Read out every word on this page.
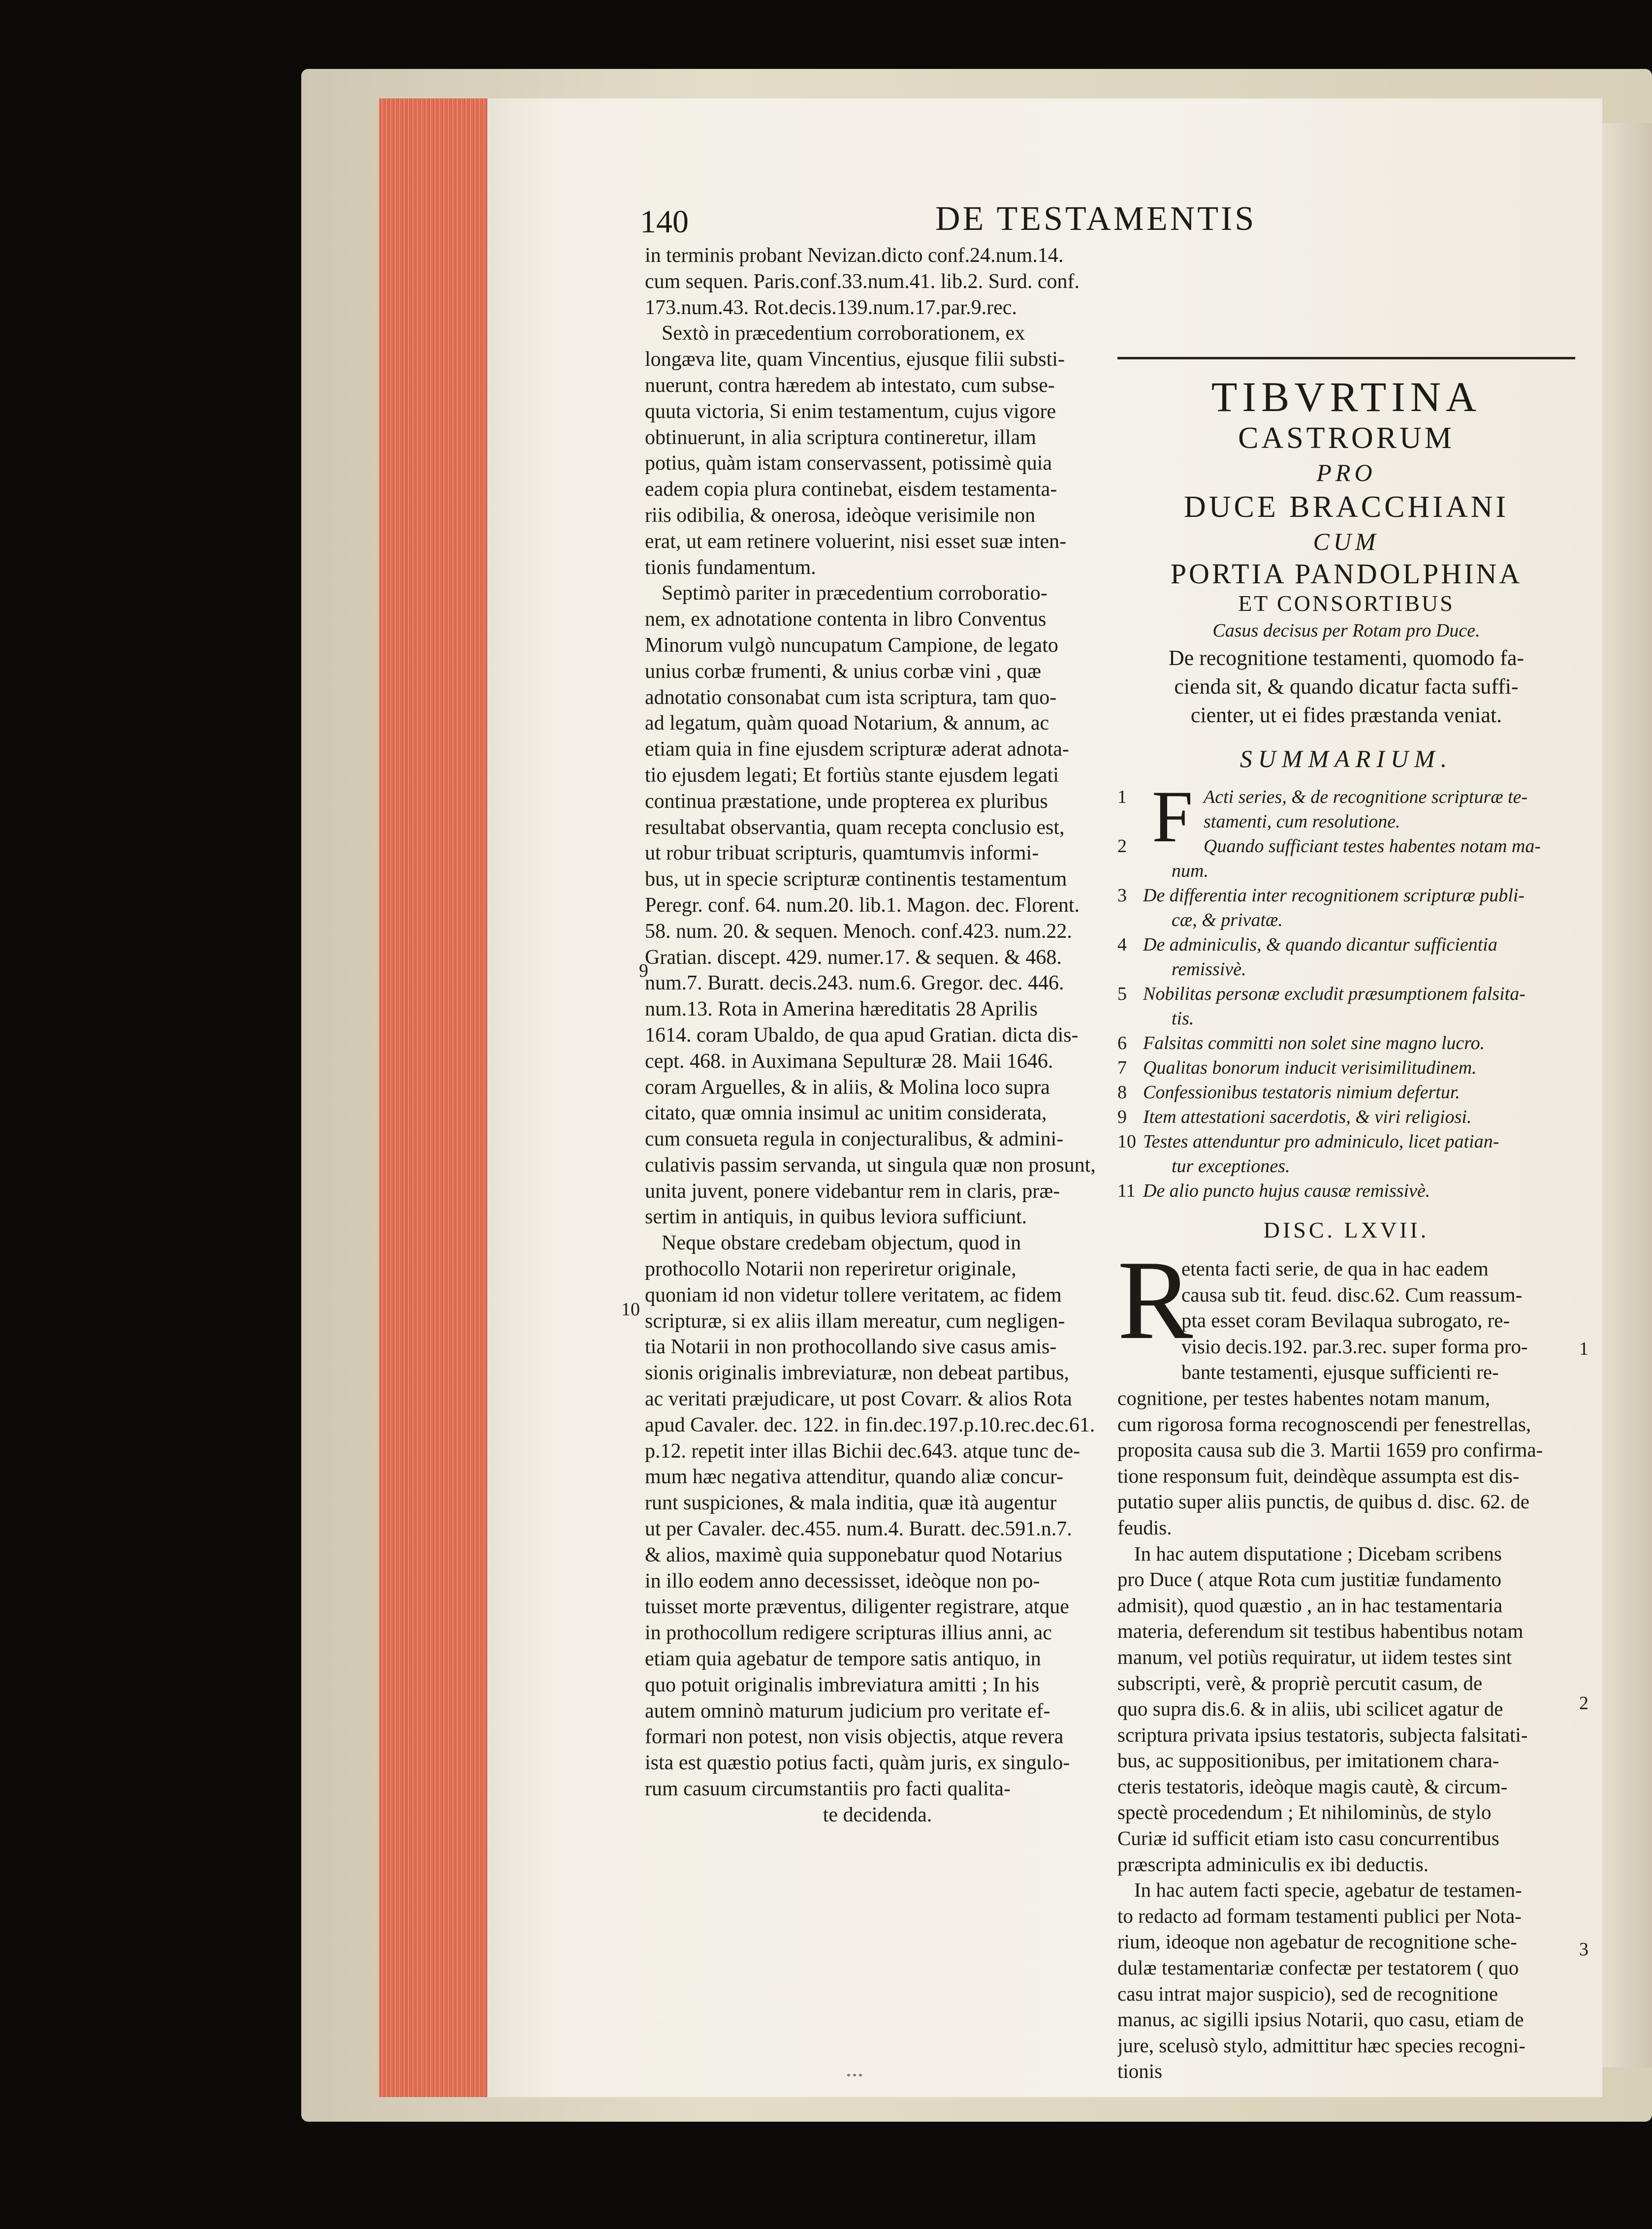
140	DE TESTAMENTIS
in terminis probant Nevizan.dicto conf.24.num.14.
cum sequen. Paris.conf.33.num.41. lib.2. Surd. conf.
173.num.43. Rot.decis.139.num.17.par.9.rec.
Sextò in præcedentium corroborationem, ex
longæva lite, quam Vincentius, ejusque filii substi-
nuerunt, contra hæredem ab intestato, cum subse-
quuta victoria, Si enim testamentum, cujus vigore
obtinuerunt, in alia scriptura contineretur, illam
potius, quàm istam conservassent, potissimè quia
eadem copia plura continebat, eisdem testamenta-
riis odibilia, & onerosa, ideòque verisimile non
erat, ut eam retinere voluerint, nisi esset suæ inten-
tionis fundamentum.
Septimò pariter in præcedentium corroboratio-
nem, ex adnotatione contenta in libro Conventus
Minorum vulgò nuncupatum Campione, de legato
unius corbæ frumenti, & unius corbæ vini , quæ
adnotatio consonabat cum ista scriptura, tam quo-
ad legatum, quàm quoad Notarium, & annum, ac
etiam quia in fine ejusdem scripturæ aderat adnota-
tio ejusdem legati; Et fortiùs stante ejusdem legati
continua præstatione, unde propterea ex pluribus
resultabat observantia, quam recepta conclusio est,
ut robur tribuat scripturis, quamtumvis informi-
bus, ut in specie scripturæ continentis testamentum
Peregr. conf. 64. num.20. lib.1. Magon. dec. Florent.
58. num. 20. & sequen. Menoch. conf.423. num.22.
Gratian. discept. 429. numer.17. & sequen. & 468.
num.7. Buratt. decis.243. num.6. Gregor. dec. 446.
num.13. Rota in Amerina hæreditatis 28 Aprilis
1614. coram Ubaldo, de qua apud Gratian. dicta dis-
cept. 468. in Auximana Sepulturæ 28. Maii 1646.
coram Arguelles, & in aliis, & Molina loco supra
citato, quæ omnia insimul ac unitim considerata,
cum consueta regula in conjecturalibus, & admini-
culativis passim servanda, ut singula quæ non prosunt,
unita juvent, ponere videbantur rem in claris, præ-
sertim in antiquis, in quibus leviora sufficiunt.
Neque obstare credebam objectum, quod in
prothocollo Notarii non reperiretur originale,
quoniam id non videtur tollere veritatem, ac fidem
scripturæ, si ex aliis illam mereatur, cum negligen-
tia Notarii in non prothocollando sive casus amis-
sionis originalis imbreviaturæ, non debeat partibus,
ac veritati præjudicare, ut post Covarr. & alios Rota
apud Cavaler. dec. 122. in fin.dec.197.p.10.rec.dec.61.
p.12. repetit inter illas Bichii dec.643. atque tunc de-
mum hæc negativa attenditur, quando aliæ concur-
runt suspiciones, & mala inditia, quæ ità augentur
ut per Cavaler. dec.455. num.4. Buratt. dec.591.n.7.
& alios, maximè quia supponebatur quod Notarius
in illo eodem anno decessisset, ideòque non po-
tuisset morte præventus, diligenter registrare, atque
in prothocollum redigere scripturas illius anni, ac
etiam quia agebatur de tempore satis antiquo, in
quo potuit originalis imbreviatura amitti ; In his
autem omninò maturum judicium pro veritate ef-
formari non potest, non visis objectis, atque revera
ista est quæstio potius facti, quàm juris, ex singulo-
rum casuum circumstantiis pro facti qualita-
te decidenda.
9
10
1
2
3
TIBVRTINA
CASTRORUM
PRO
DUCE BRACCHIANI
CUM
PORTIA PANDOLPHINA
ET CONSORTIBUS
Casus decisus per Rotam pro Duce.
De recognitione testamenti, quomodo fa-
cienda sit, & quando dicatur facta suffi-
cienter, ut ei fides præstanda veniat.
SUMMARIUM.
F
1	Acti series, & de recognitione scripturæ te-
stamenti, cum resolutione.
2	Quando sufficiant testes habentes notam ma-
num.
3 De differentia inter recognitionem scripturæ publi-
cæ, & privatæ.
4 De adminiculis, & quando dicantur sufficientia
remissivè.
5 Nobilitas personæ excludit præsumptionem falsita-
tis.
6 Falsitas committi non solet sine magno lucro.
7 Qualitas bonorum inducit verisimilitudinem.
8 Confessionibus testatoris nimium defertur.
9 Item attestationi sacerdotis, & viri religiosi.
10 Testes attenduntur pro adminiculo, licet patian-
tur exceptiones.
11 De alio puncto hujus causæ remissivè.
DISC. LXVII.
R
etenta facti serie, de qua in hac eadem
causa sub tit. feud. disc.62. Cum reassum-
pta esset coram Bevilaqua subrogato, re-
visio decis.192. par.3.rec. super forma pro-
bante testamenti, ejusque sufficienti re-
cognitione, per testes habentes notam manum,
cum rigorosa forma recognoscendi per fenestrellas,
proposita causa sub die 3. Martii 1659 pro confirma-
tione responsum fuit, deindèque assumpta est dis-
putatio super aliis punctis, de quibus d. disc. 62. de
feudis.
In hac autem disputatione ; Dicebam scribens
pro Duce ( atque Rota cum justitiæ fundamento
admisit), quod quæstio , an in hac testamentaria
materia, deferendum sit testibus habentibus notam
manum, vel potiùs requiratur, ut iidem testes sint
subscripti, verè, & propriè percutit casum, de
quo supra dis.6. & in aliis, ubi scilicet agatur de
scriptura privata ipsius testatoris, subjecta falsitati-
bus, ac suppositionibus, per imitationem chara-
cteris testatoris, ideòque magis cautè, & circum-
spectè procedendum ; Et nihilominùs, de stylo
Curiæ id sufficit etiam isto casu concurrentibus
præscripta adminiculis ex ibi deductis.
In hac autem facti specie, agebatur de testamen-
to redacto ad formam testamenti publici per Nota-
rium, ideoque non agebatur de recognitione sche-
dulæ testamentariæ confectæ per testatorem ( quo
casu intrat major suspicio), sed de recognitione
manus, ac sigilli ipsius Notarii, quo casu, etiam de
jure, scelusò stylo, admittitur hæc species recogni-
tionis
* * *
